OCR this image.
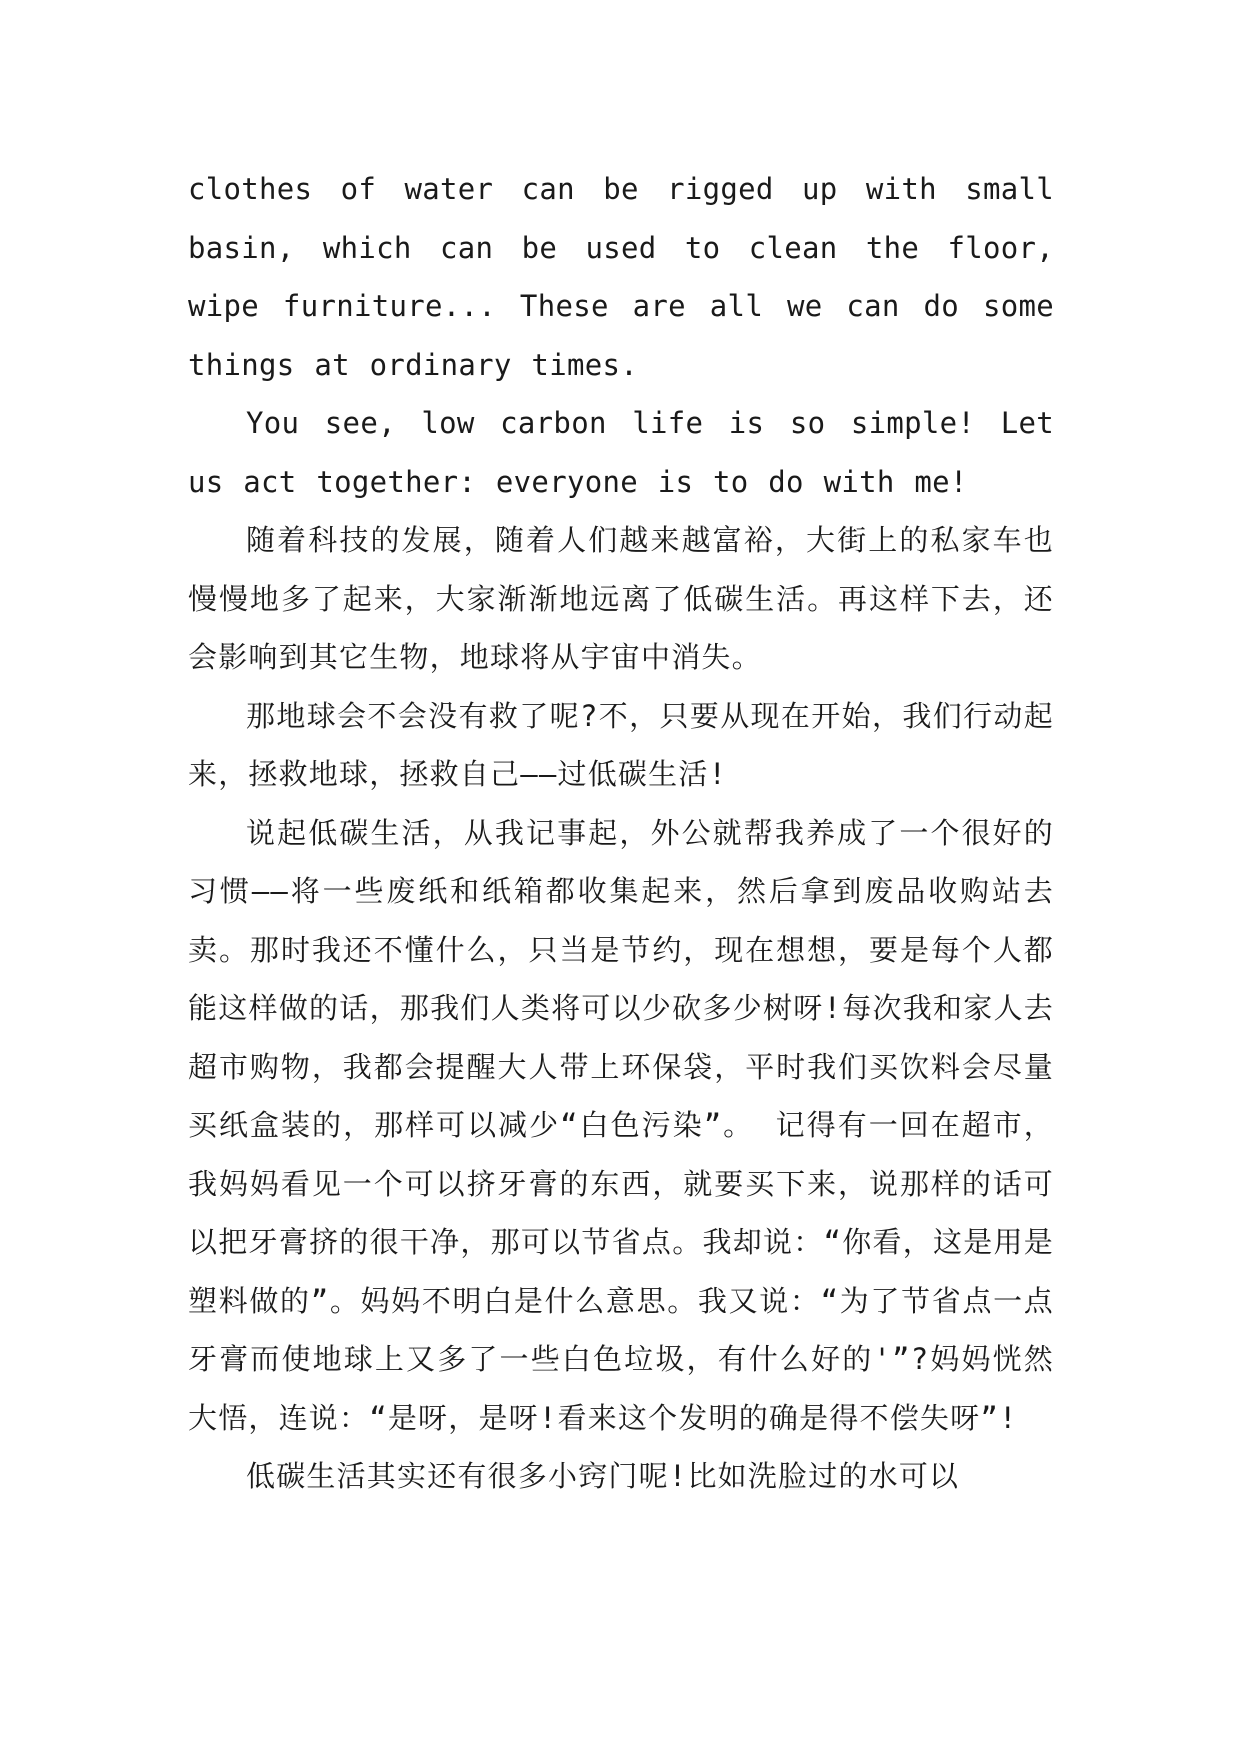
clothes of water can be rigged up with small basin, which can be used to clean the floor, wipe furniture... These are all we can do some things at ordinary times.

You see, low carbon life is so simple! Let us act together: everyone is to do with me!

随着科技的发展，随着人们越来越富裕，大街上的私家车也慢慢地多了起来，大家渐渐地远离了低碳生活。再这样下去，还会影响到其它生物，地球将从宇宙中消失。

那地球会不会没有救了呢?不，只要从现在开始，我们行动起来，拯救地球，拯救自己——过低碳生活!

说起低碳生活，从我记事起，外公就帮我养成了一个很好的习惯——将一些废纸和纸箱都收集起来，然后拿到废品收购站去卖。那时我还不懂什么，只当是节约，现在想想，要是每个人都能这样做的话，那我们人类将可以少砍多少树呀!每次我和家人去超市购物，我都会提醒大人带上环保袋，平时我们买饮料会尽量买纸盒装的，那样可以减少“白色污染”。 记得有一回在超市，我妈妈看见一个可以挤牙膏的东西，就要买下来，说那样的话可以把牙膏挤的很干净，那可以节省点。我却说：“你看，这是用是塑料做的”。妈妈不明白是什么意思。我又说：“为了节省点一点牙膏而使地球上又多了一些白色垃圾，有什么好的'”?妈妈恍然大悟，连说：“是呀，是呀!看来这个发明的确是得不偿失呀”!

低碳生活其实还有很多小窍门呢!比如洗脸过的水可以
